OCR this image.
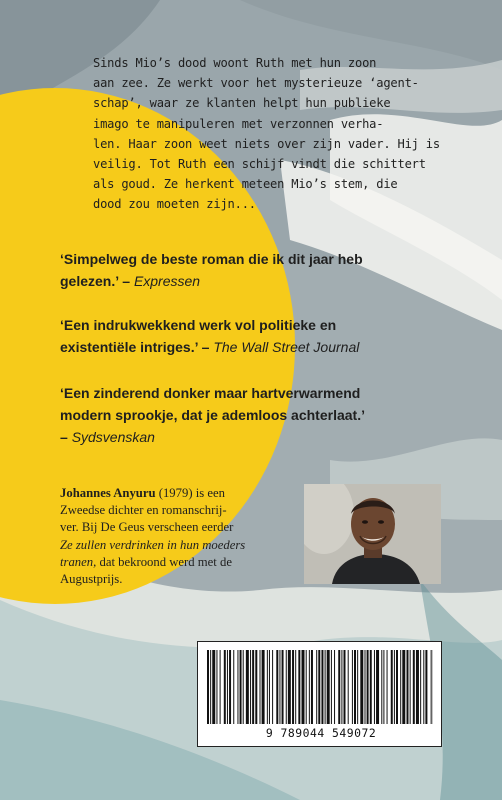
Sinds Mio’s dood woont Ruth met hun zoon
aan zee. Ze werkt voor het mysterieuze ‘agent-
schap’, waar ze klanten helpt hun publieke
imago te manipuleren met verzonnen verha-
len. Haar zoon weet niets over zijn vader. Hij is
veilig. Tot Ruth een schijf vindt die schittert
als goud. Ze herkent meteen Mio’s stem, die
dood zou moeten zijn...

‘Simpelweg de beste roman die ik dit jaar heb
gelezen.’ – Expressen

‘Een indrukwekkend werk vol politieke en
existentiële intriges.’ – The Wall Street Journal

‘Een zinderend donker maar hartverwarmend
modern sprookje, dat je ademloos achterlaat.’
– Sydsvenskan

Johannes Anyuru (1979) is een
Zweedse dichter en romanschrij-
ver. Bij De Geus verscheen eerder
Ze zullen verdrinken in hun moeders
tranen, dat bekroond werd met de
Augustprijs.

9 789044 549072
